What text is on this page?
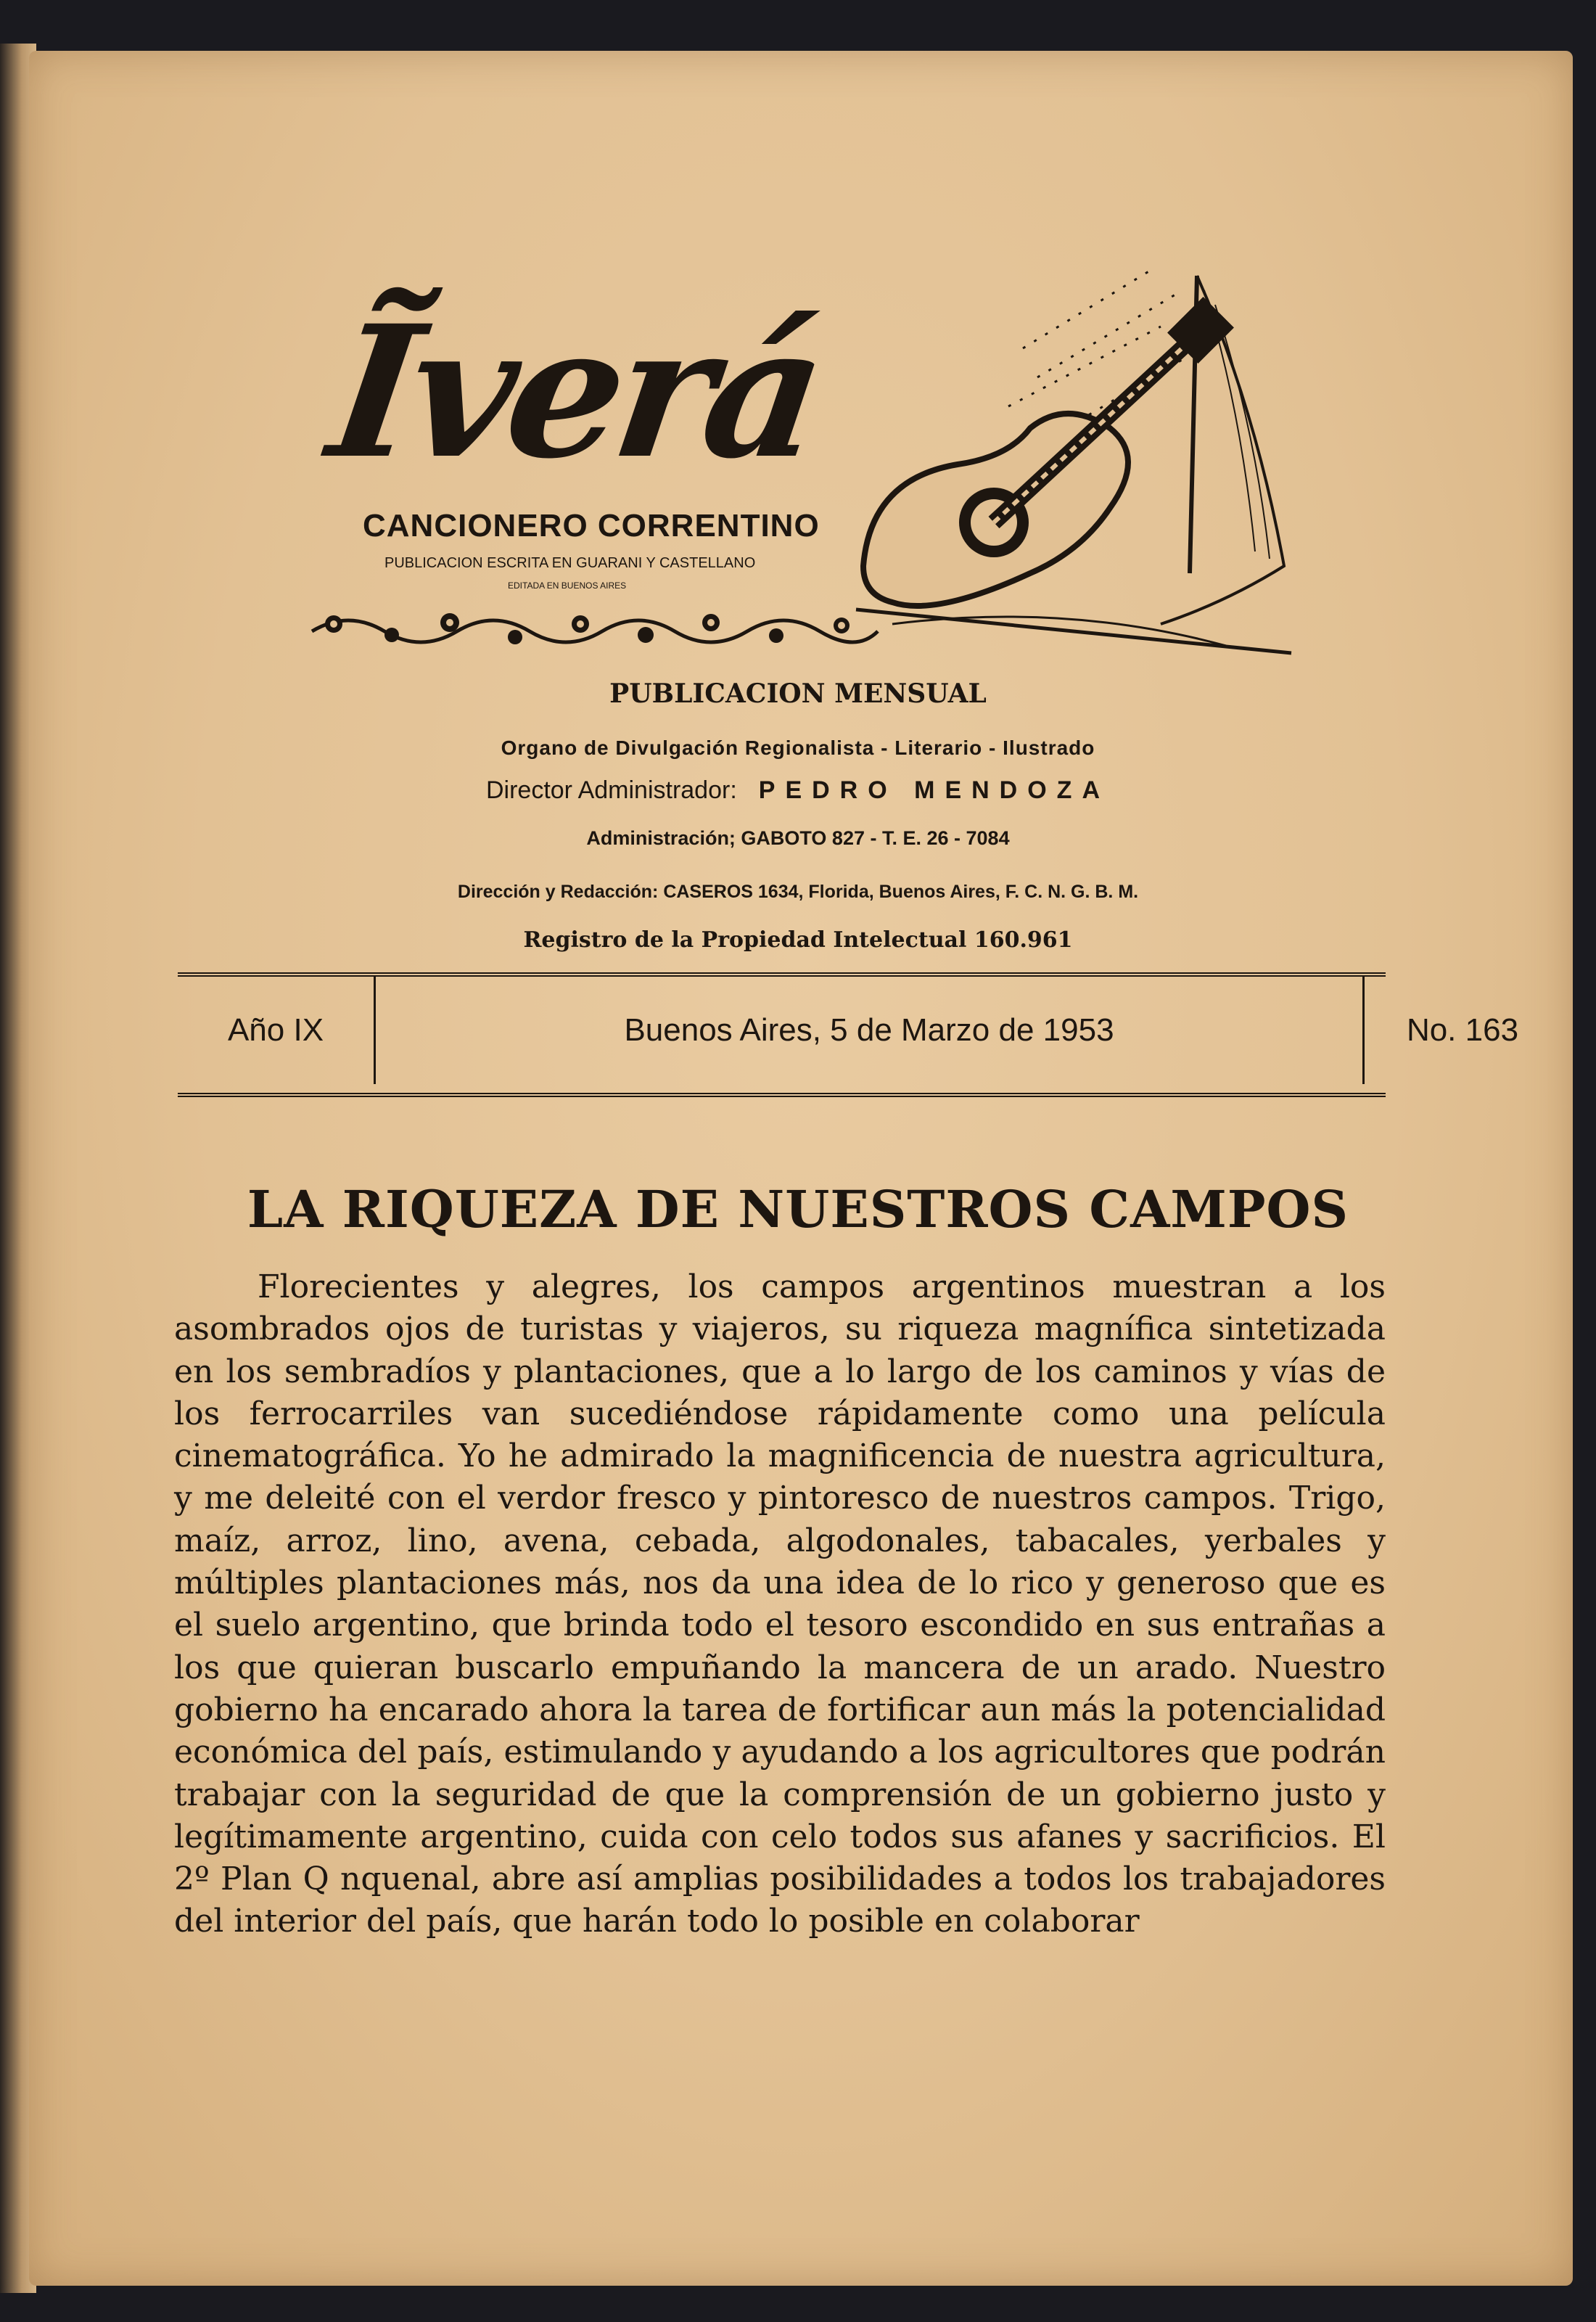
Ĩverá
CANCIONERO CORRENTINO
PUBLICACION ESCRITA EN GUARANI Y CASTELLANO
EDITADA EN BUENOS AIRES
PUBLICACION MENSUAL
Organo de Divulgación Regionalista - Literario - Ilustrado
Director Administrador: PEDRO MENDOZA
Administración; GABOTO 827 - T. E. 26 - 7084
Dirección y Redacción: CASEROS 1634, Florida, Buenos Aires, F. C. N. G. B. M.
Registro de la Propiedad Intelectual 160.961
Año IX	Buenos Aires, 5 de Marzo de 1953	No. 163
LA RIQUEZA DE NUESTROS CAMPOS
Florecientes y alegres, los campos argentinos muestran a los asombrados ojos de turistas y viajeros, su riqueza magnífica sintetizada en los sembradíos y plantaciones, que a lo largo de los caminos y vías de los ferrocarriles van sucediéndose rápidamente como una película cinematográfica. Yo he admirado la magnificencia de nuestra agricultura, y me deleité con el verdor fresco y pintoresco de nuestros campos. Trigo, maíz, arroz, lino, avena, cebada, algodonales, tabacales, yerbales y múltiples plantaciones más, nos da una idea de lo rico y generoso que es el suelo argentino, que brinda todo el tesoro escondido en sus entrañas a los que quieran buscarlo empuñando la mancera de un arado. Nuestro gobierno ha encarado ahora la tarea de fortificar aun más la potencialidad económica del país, estimulando y ayudando a los agricultores que podrán trabajar con la seguridad de que la comprensión de un gobierno justo y legítimamente argentino, cuida con celo todos sus afanes y sacrificios. El 2º Plan Q nquenal, abre así amplias posibilidades a todos los trabajadores del interior del país, que harán todo lo posible en colaborar
